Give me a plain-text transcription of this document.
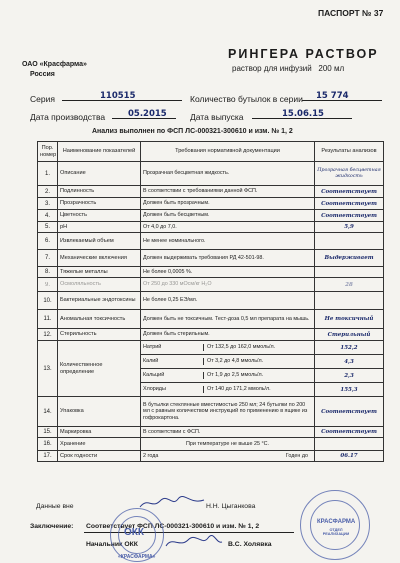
ПАСПОРТ № 37
ОАО «Красфарма»
Россия
РИНГЕРА РАСТВОР
раствор для инфузий 200 мл
Серия	110515	Количество бутылок в серии 15 774
Дата производства	05.2015	Дата выпуска	15.06.15
Анализ выполнен по ФСП ЛС-000321-300610 и изм. № 1, 2
Пор. номер	Наименование показателей	Требования нормативной документации	Результаты анализов
1.	Описание	Прозрачная бесцветная жидкость.	Прозрачная бесцветная жидкость
2.	Подлинность	В соответствии с требованиями данной ФСП.	Соответствует
3.	Прозрачность	Должен быть прозрачным.	Соответствует
4.	Цветность	Должен быть бесцветным.	Соответствует
5.	pH	От 4,0 до 7,0.	5,9
6.	Извлекаемый объем	Не менее номинального.	
7.	Механические включения	Должен выдерживать требования РД 42-501-98.	Выдерживает
8.	Тяжелые металлы	Не более 0,0005 %.	
9.	Осмоляльность	От 250 до 330 мОсм/кг H₂O	28
10.	Бактериальные эндотоксины	Не более 0,25 ЕЭ/мл.	
11.	Аномальная токсичность	Должен быть не токсичным. Тест-доза 0,5 мл препарата на мышь.	Не токсичный
12.	Стерильность	Должен быть стерильным.	Стерильный
13.	Количественное определение	Натрий От 132,5 до 162,0 ммоль/л.	152,2

		Калий От 3,2 до 4,8 ммоль/л.	4,3

		Кальций От 1,9 до 2,5 ммоль/л.	2,3

		Хлориды От 140 до 171,2 ммоль/л.	155,3
14.	Упаковка	В бутылки стеклянные вместимостью 250 мл; 24 бутылки по 200 мл с равным количеством инструкций по применению в ящике из гофрокартона.	Соответствует
15.	Маркировка	В соответствии с ФСП.	Соответствует
16.	Хранение	При температуре не выше 25 °С.	
17.	Срок годности	2 года Годен до	06.17
Данные вне	Н.Н. Цыганкова
Заключение: Соответствует ФСП ЛС-000321-300610 и изм. № 1, 2
Начальник ОКК	В.С. Холявка
ОКК
«КРАСФАРМА»
КРАСФАРМА
ОТДЕЛ РЕАЛИЗАЦИИ
